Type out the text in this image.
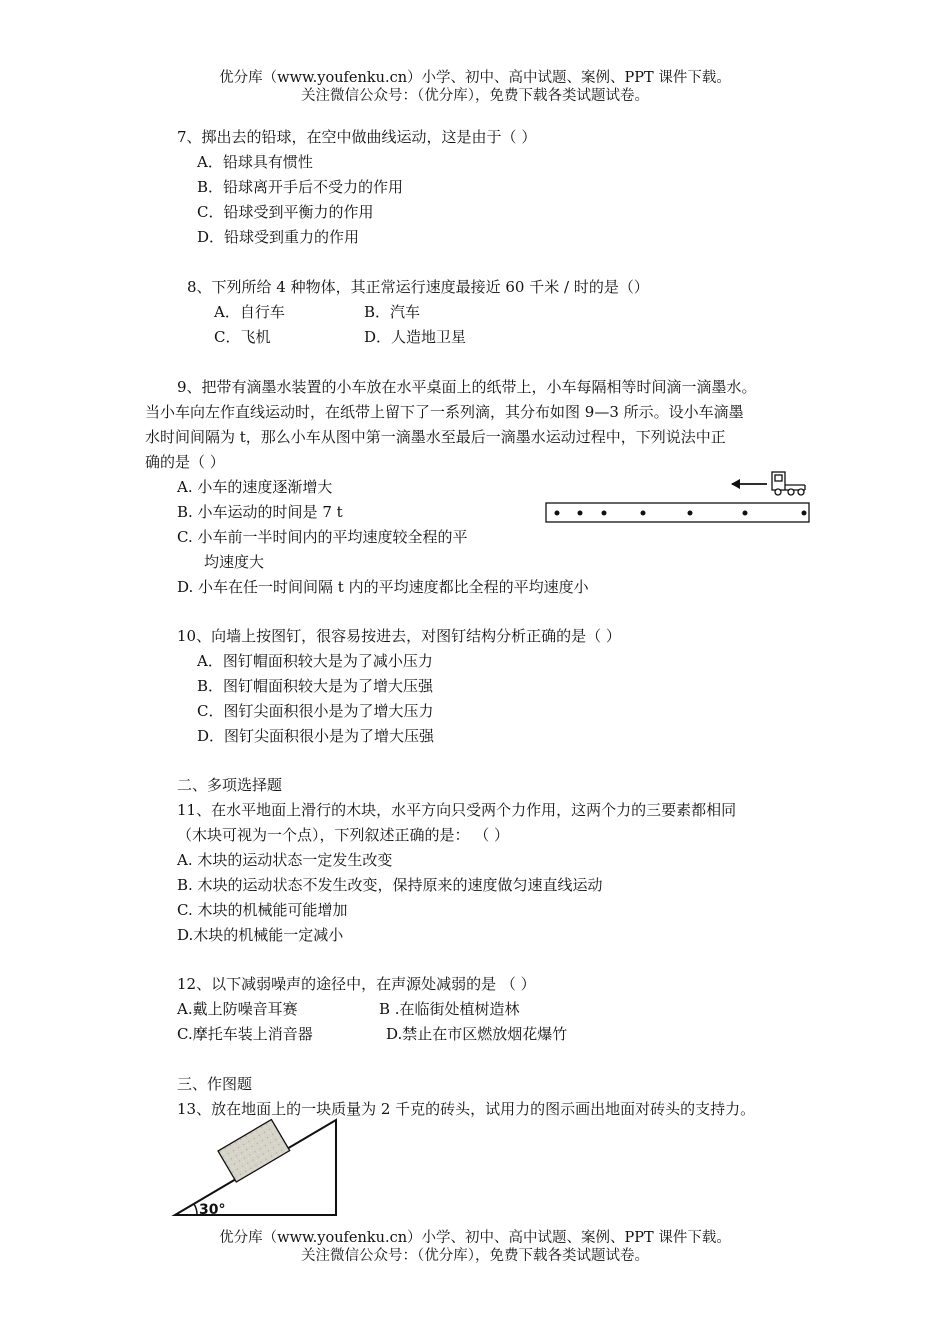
优分库（www.youfenku.cn）小学、初中、高中试题、案例、PPT 课件下载。
关注微信公众号：（优分库），免费下载各类试题试卷。
7、掷出去的铅球，在空中做曲线运动，这是由于（ ）
A．铅球具有惯性
B．铅球离开手后不受力的作用
C．铅球受到平衡力的作用
D．铅球受到重力的作用
8、下列所给 4 种物体，其正常运行速度最接近 60 千米 / 时的是（）
A．自行车	B．汽车
C．飞机	D．人造地卫星
9、把带有滴墨水装置的小车放在水平桌面上的纸带上，小车每隔相等时间滴一滴墨水。
当小车向左作直线运动时，在纸带上留下了一系列滴，其分布如图 9—3 所示。设小车滴墨
水时间间隔为 t，那么小车从图中第一滴墨水至最后一滴墨水运动过程中，下列说法中正
确的是（ ）
A. 小车的速度逐渐增大
B. 小车运动的时间是 7 t
C. 小车前一半时间内的平均速度较全程的平
均速度大
D. 小车在任一时间间隔 t 内的平均速度都比全程的平均速度小
10、向墙上按图钉，很容易按进去，对图钉结构分析正确的是（ ）
A．图钉帽面积较大是为了减小压力
B．图钉帽面积较大是为了增大压强
C．图钉尖面积很小是为了增大压力
D．图钉尖面积很小是为了增大压强
二、多项选择题
11、在水平地面上滑行的木块，水平方向只受两个力作用，这两个力的三要素都相同
（木块可视为一个点），下列叙述正确的是： （ ）
A. 木块的运动状态一定发生改变
B. 木块的运动状态不发生改变，保持原来的速度做匀速直线运动
C. 木块的机械能可能增加
D.木块的机械能一定减小
12、以下减弱噪声的途径中，在声源处减弱的是 （ ）
A.戴上防噪音耳赛	B .在临街处植树造林
C.摩托车装上消音器	D.禁止在市区燃放烟花爆竹
三、作图题
13、放在地面上的一块质量为 2 千克的砖头，试用力的图示画出地面对砖头的支持力。
30°
优分库（www.youfenku.cn）小学、初中、高中试题、案例、PPT 课件下载。
关注微信公众号：（优分库），免费下载各类试题试卷。
